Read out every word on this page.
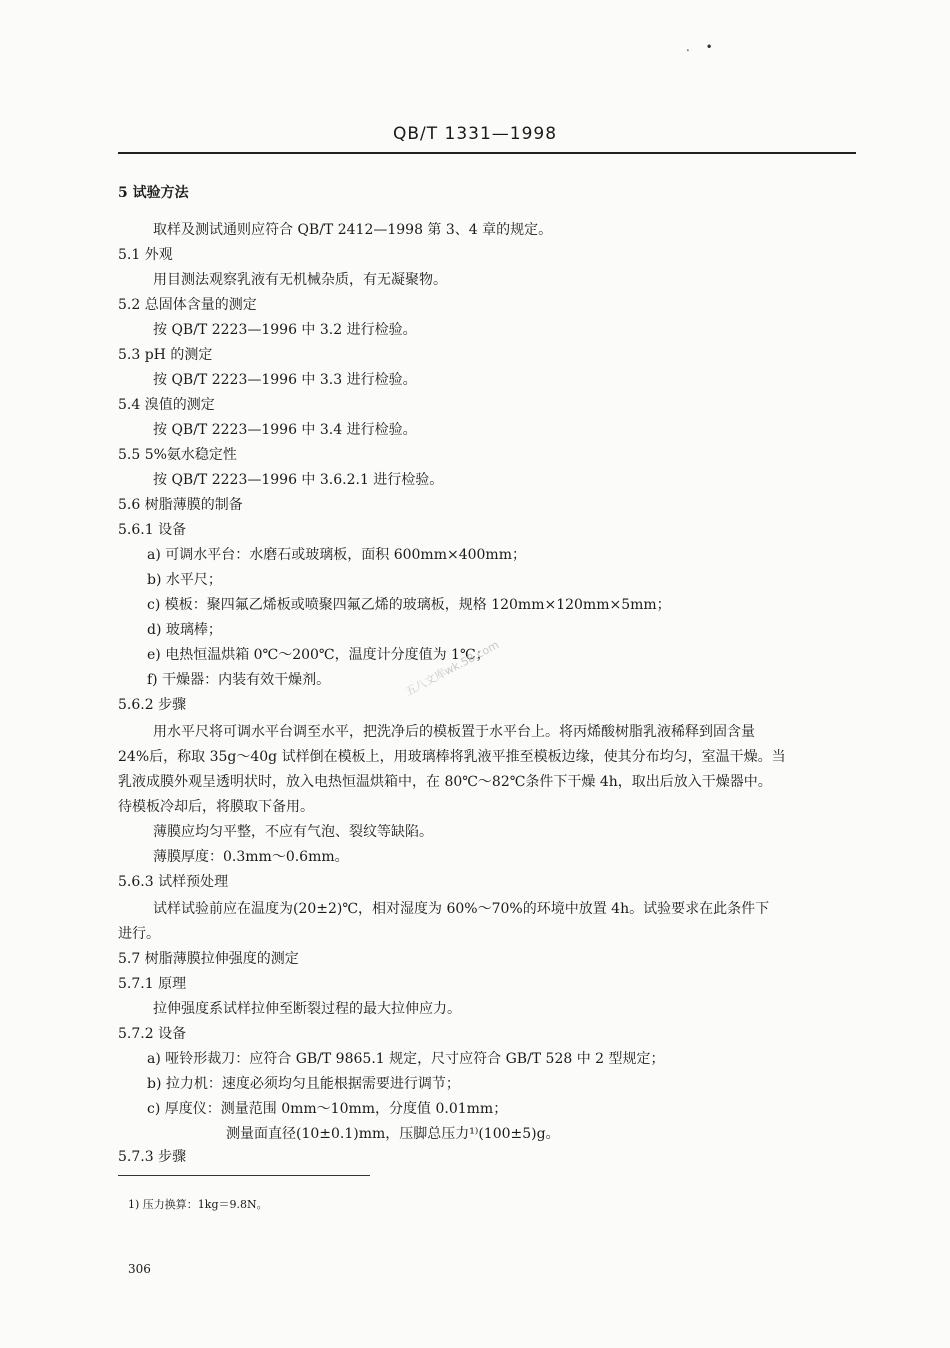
. •
QB/T 1331—1998
5 试验方法
取样及测试通则应符合 QB/T 2412—1998 第 3、4 章的规定。
5.1 外观
用目测法观察乳液有无机械杂质，有无凝聚物。
5.2 总固体含量的测定
按 QB/T 2223—1996 中 3.2 进行检验。
5.3 pH 的测定
按 QB/T 2223—1996 中 3.3 进行检验。
5.4 溴值的测定
按 QB/T 2223—1996 中 3.4 进行检验。
5.5 5%氨水稳定性
按 QB/T 2223—1996 中 3.6.2.1 进行检验。
5.6 树脂薄膜的制备
5.6.1 设备
a) 可调水平台：水磨石或玻璃板，面积 600mm×400mm；
b) 水平尺；
c) 模板：聚四氟乙烯板或喷聚四氟乙烯的玻璃板，规格 120mm×120mm×5mm；
d) 玻璃棒；
e) 电热恒温烘箱 0℃～200℃，温度计分度值为 1℃；
f) 干燥器：内装有效干燥剂。
5.6.2 步骤
用水平尺将可调水平台调至水平，把洗净后的模板置于水平台上。将丙烯酸树脂乳液稀释到固含量
24%后，称取 35g～40g 试样倒在模板上，用玻璃棒将乳液平推至模板边缘，使其分布均匀，室温干燥。当
乳液成膜外观呈透明状时，放入电热恒温烘箱中，在 80℃～82℃条件下干燥 4h，取出后放入干燥器中。
待模板冷却后，将膜取下备用。
薄膜应均匀平整，不应有气泡、裂纹等缺陷。
薄膜厚度：0.3mm～0.6mm。
5.6.3 试样预处理
试样试验前应在温度为(20±2)℃，相对湿度为 60%～70%的环境中放置 4h。试验要求在此条件下
进行。
5.7 树脂薄膜拉伸强度的测定
5.7.1 原理
拉伸强度系试样拉伸至断裂过程的最大拉伸应力。
5.7.2 设备
a) 哑铃形裁刀：应符合 GB/T 9865.1 规定，尺寸应符合 GB/T 528 中 2 型规定；
b) 拉力机：速度必须均匀且能根据需要进行调节；
c) 厚度仪：测量范围 0mm～10mm，分度值 0.01mm；
测量面直径(10±0.1)mm，压脚总压力¹⁾(100±5)g。
5.7.3 步骤
五八文库wk.58.com
1) 压力换算：1kg＝9.8N。
306
